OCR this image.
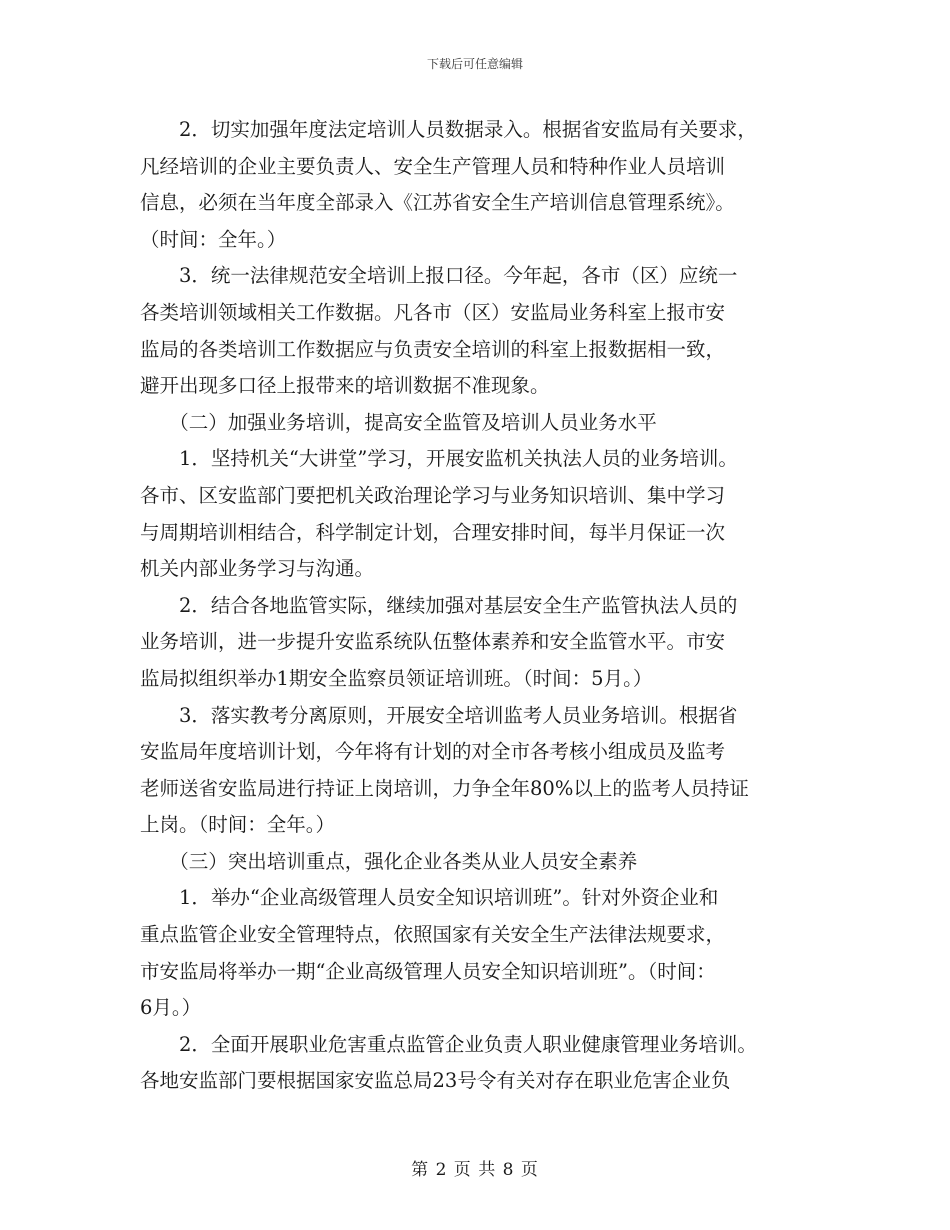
下载后可任意编辑
　　2．切实加强年度法定培训人员数据录入。根据省安监局有关要求，
凡经培训的企业主要负责人、安全生产管理人员和特种作业人员培训
信息，必须在当年度全部录入《江苏省安全生产培训信息管理系统》。
（时间：全年。）
　　3．统一法律规范安全培训上报口径。今年起，各市（区）应统一
各类培训领域相关工作数据。凡各市（区）安监局业务科室上报市安
监局的各类培训工作数据应与负责安全培训的科室上报数据相一致，
避开出现多口径上报带来的培训数据不准现象。
　　（二）加强业务培训，提高安全监管及培训人员业务水平
　　1．坚持机关“大讲堂”学习，开展安监机关执法人员的业务培训。
各市、区安监部门要把机关政治理论学习与业务知识培训、集中学习
与周期培训相结合，科学制定计划，合理安排时间，每半月保证一次
机关内部业务学习与沟通。
　　2．结合各地监管实际，继续加强对基层安全生产监管执法人员的
业务培训，进一步提升安监系统队伍整体素养和安全监管水平。市安
监局拟组织举办1期安全监察员领证培训班。（时间：5月。）
　　3．落实教考分离原则，开展安全培训监考人员业务培训。根据省
安监局年度培训计划，今年将有计划的对全市各考核小组成员及监考
老师送省安监局进行持证上岗培训，力争全年80%以上的监考人员持证
上岗。（时间：全年。）
　　（三）突出培训重点，强化企业各类从业人员安全素养
　　1．举办“企业高级管理人员安全知识培训班”。针对外资企业和
重点监管企业安全管理特点，依照国家有关安全生产法律法规要求，
市安监局将举办一期“企业高级管理人员安全知识培训班”。（时间：
6月。）
　　2．全面开展职业危害重点监管企业负责人职业健康管理业务培训。
各地安监部门要根据国家安监总局23号令有关对存在职业危害企业负
第 2 页 共 8 页
